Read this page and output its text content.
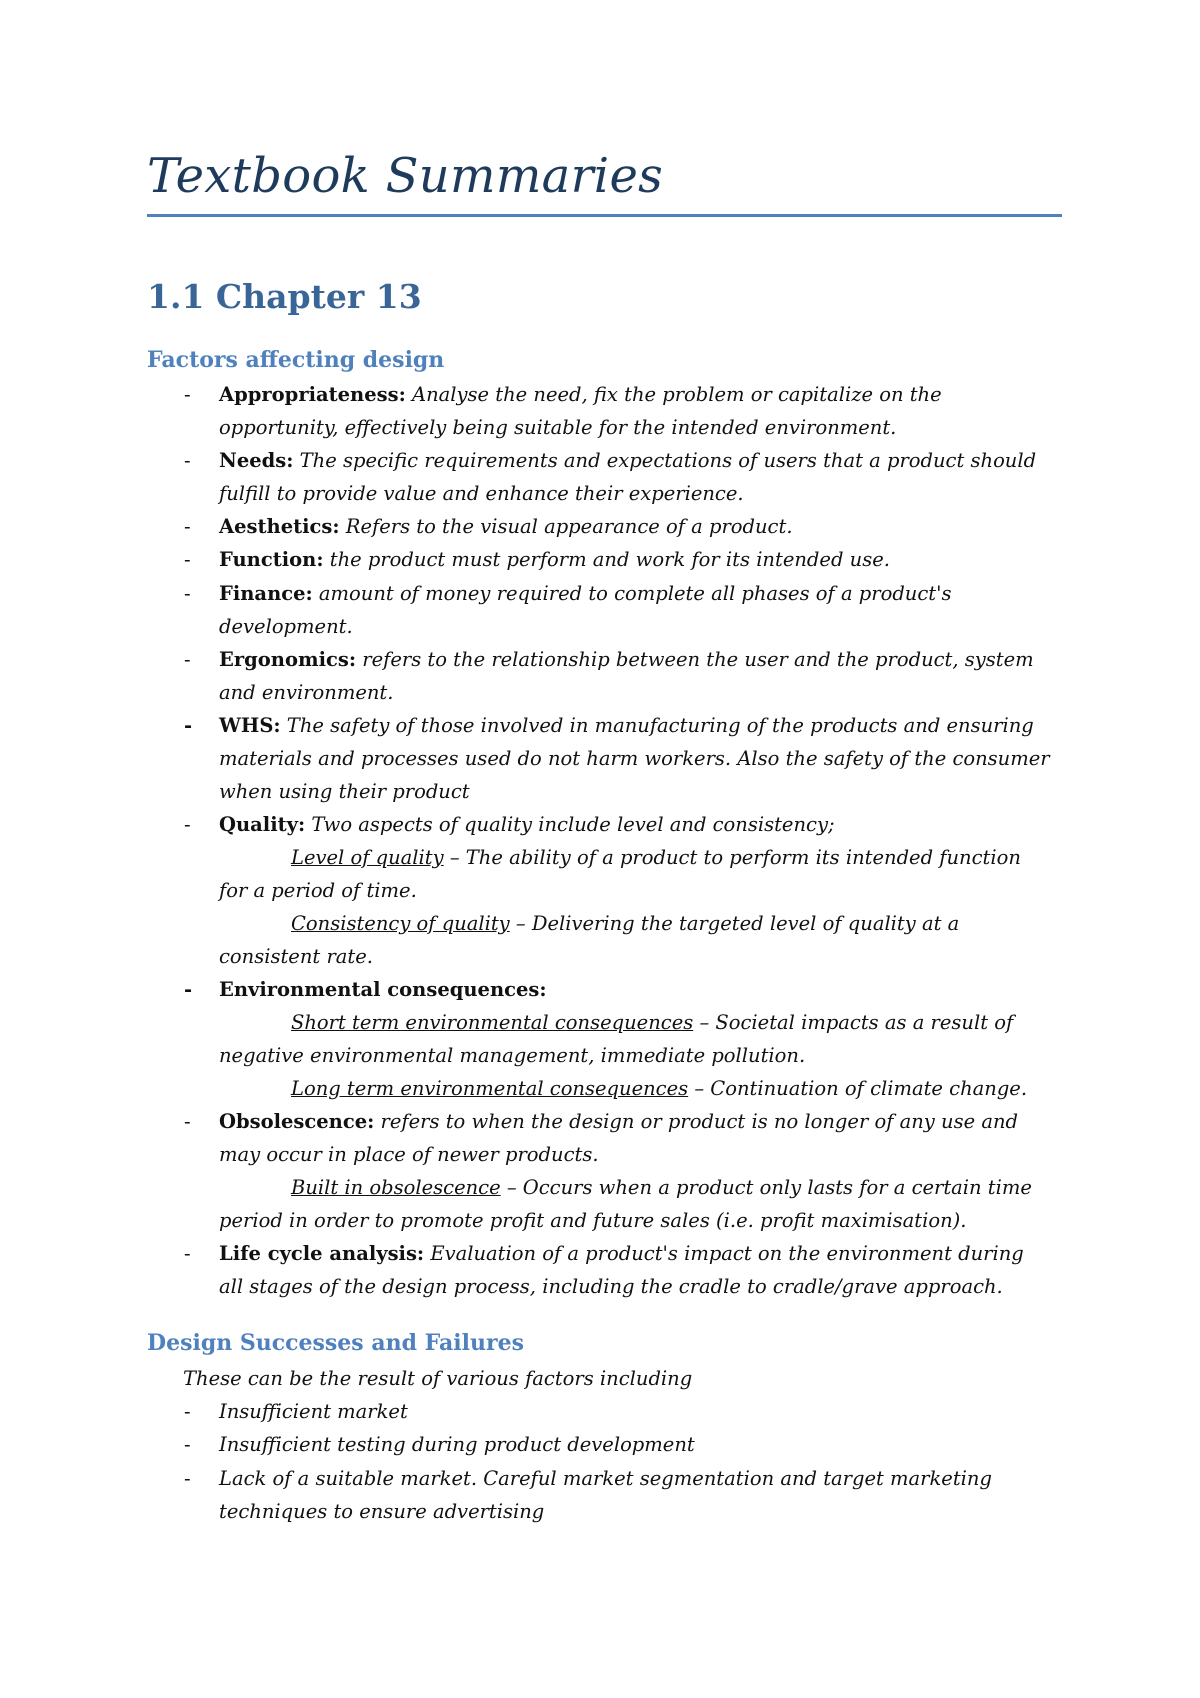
Textbook Summaries
1.1 Chapter 13
Factors affecting design
- Appropriateness: Analyse the need, fix the problem or capitalize on the
opportunity, effectively being suitable for the intended environment.
- Needs: The specific requirements and expectations of users that a product should
fulfill to provide value and enhance their experience.
- Aesthetics: Refers to the visual appearance of a product.
- Function: the product must perform and work for its intended use.
- Finance: amount of money required to complete all phases of a product's
development.
- Ergonomics: refers to the relationship between the user and the product, system
and environment.
- WHS: The safety of those involved in manufacturing of the products and ensuring
materials and processes used do not harm workers. Also the safety of the consumer
when using their product
- Quality: Two aspects of quality include level and consistency;
Level of quality – The ability of a product to perform its intended function
for a period of time.
Consistency of quality – Delivering the targeted level of quality at a
consistent rate.
- Environmental consequences:
Short term environmental consequences – Societal impacts as a result of
negative environmental management, immediate pollution.
Long term environmental consequences – Continuation of climate change.
- Obsolescence: refers to when the design or product is no longer of any use and
may occur in place of newer products.
Built in obsolescence – Occurs when a product only lasts for a certain time
period in order to promote profit and future sales (i.e. profit maximisation).
- Life cycle analysis: Evaluation of a product's impact on the environment during
all stages of the design process, including the cradle to cradle/grave approach.
Design Successes and Failures
These can be the result of various factors including
- Insufficient market
- Insufficient testing during product development
- Lack of a suitable market. Careful market segmentation and target marketing
techniques to ensure advertising
